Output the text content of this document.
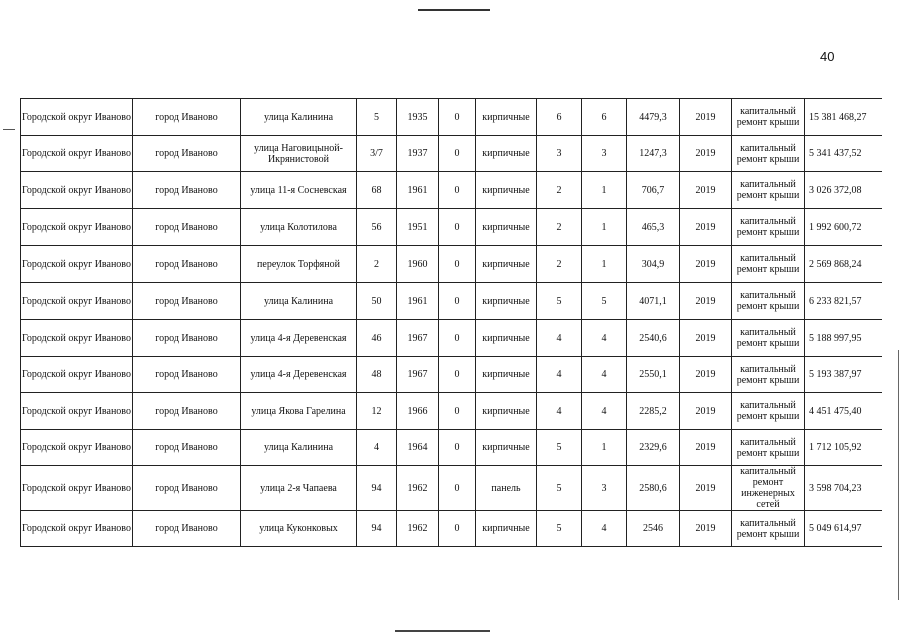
40
Городской округ Иваново	город Иваново	улица Калинина	5	1935	0	кирпичные	6	6	4479,3	2019	капитальный ремонт крыши	15 381 468,27
Городской округ Иваново	город Иваново	улица Наговицыной-Икрянистовой	3/7	1937	0	кирпичные	3	3	1247,3	2019	капитальный ремонт крыши	5 341 437,52
Городской округ Иваново	город Иваново	улица 11-я Сосневская	68	1961	0	кирпичные	2	1	706,7	2019	капитальный ремонт крыши	3 026 372,08
Городской округ Иваново	город Иваново	улица Колотилова	56	1951	0	кирпичные	2	1	465,3	2019	капитальный ремонт крыши	1 992 600,72
Городской округ Иваново	город Иваново	переулок Торфяной	2	1960	0	кирпичные	2	1	304,9	2019	капитальный ремонт крыши	2 569 868,24
Городской округ Иваново	город Иваново	улица Калинина	50	1961	0	кирпичные	5	5	4071,1	2019	капитальный ремонт крыши	6 233 821,57
Городской округ Иваново	город Иваново	улица 4-я Деревенская	46	1967	0	кирпичные	4	4	2540,6	2019	капитальный ремонт крыши	5 188 997,95
Городской округ Иваново	город Иваново	улица 4-я Деревенская	48	1967	0	кирпичные	4	4	2550,1	2019	капитальный ремонт крыши	5 193 387,97
Городской округ Иваново	город Иваново	улица Якова Гарелина	12	1966	0	кирпичные	4	4	2285,2	2019	капитальный ремонт крыши	4 451 475,40
Городской округ Иваново	город Иваново	улица Калинина	4	1964	0	кирпичные	5	1	2329,6	2019	капитальный ремонт крыши	1 712 105,92
Городской округ Иваново	город Иваново	улица 2-я Чапаева	94	1962	0	панель	5	3	2580,6	2019	капитальный ремонт инженерных сетей	3 598 704,23
Городской округ Иваново	город Иваново	улица Куконковых	94	1962	0	кирпичные	5	4	2546	2019	капитальный ремонт крыши	5 049 614,97
